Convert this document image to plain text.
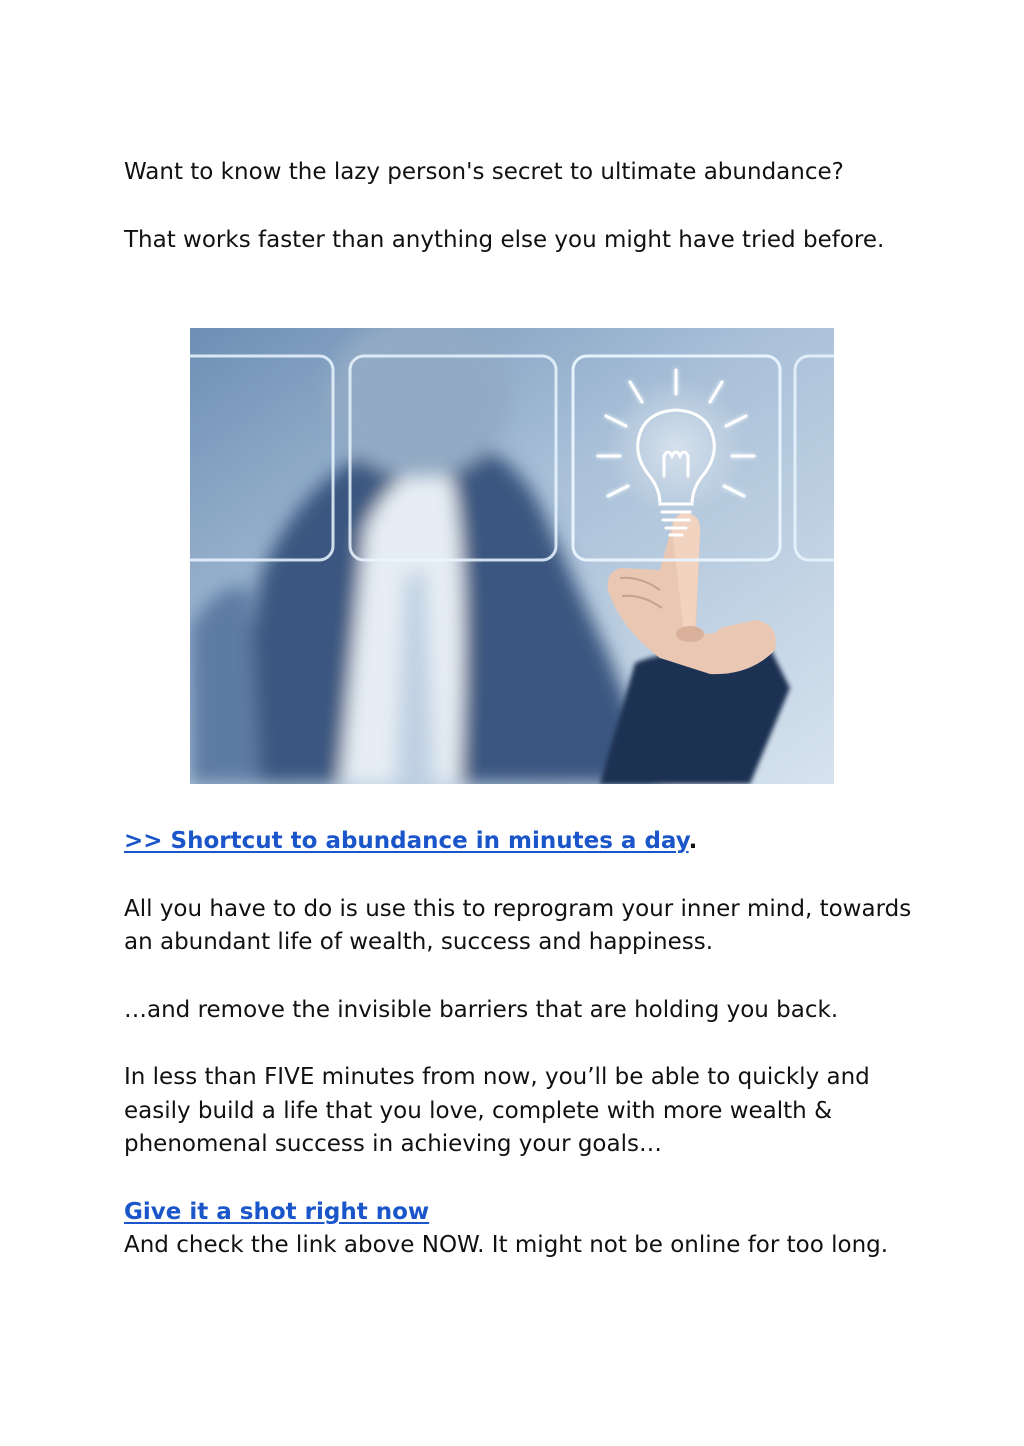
Want to know the lazy person's secret to ultimate abundance?

That works faster than anything else you might have tried before.

>> Shortcut to abundance in minutes a day.

All you have to do is use this to reprogram your inner mind, towards an abundant life of wealth, success and happiness.

…and remove the invisible barriers that are holding you back.

In less than FIVE minutes from now, you’ll be able to quickly and easily build a life that you love, complete with more wealth & phenomenal success in achieving your goals…

Give it a shot right now

And check the link above NOW. It might not be online for too long.
